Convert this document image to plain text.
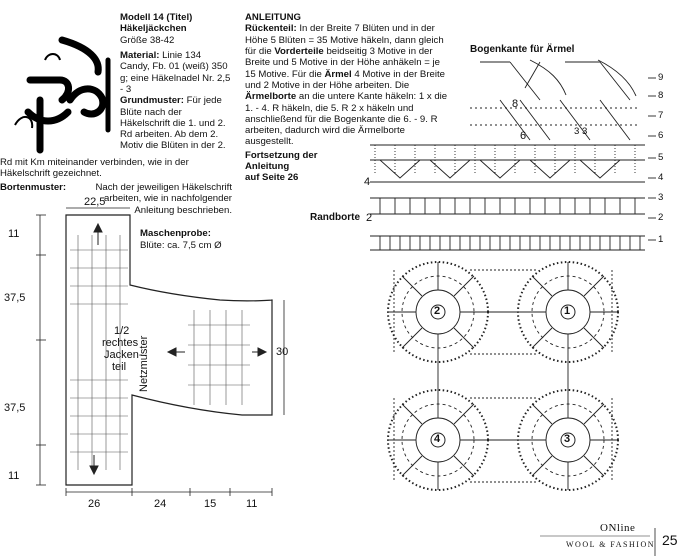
Modell 14 (Titel)

Häkeljäckchen

Größe 38-42

Material: Linie 134 Candy, Fb. 01 (weiß) 350 g; eine Häkelnadel Nr. 2,5 - 3

Grundmuster: Für jede Blüte nach der Häkelschrift die 1. und 2. Rd arbeiten. Ab dem 2. Motiv die Blüten in der 2.

Rd mit Km miteinander verbinden, wie in der Häkelschrift gezeichnet.
Bortenmuster:	Nach der jeweiligen Häkelschrift arbeiten, wie in nachfolgender Anleitung beschrieben.
Maschenprobe:
Blüte: ca. 7,5 cm Ø

ANLEITUNG

Rückenteil: In der Breite 7 Blüten und in der Höhe 5 Blüten = 35 Motive häkeln, dann gleich für die Vorderteile beidseitig 3 Motive in der Breite und 5 Motive in der Höhe anhäkeln = je 15 Motive. Für die Ärmel 4 Motive in der Breite und 2 Motive in der Höhe arbeiten. Die Ärmelborte an die untere Kante häkeln: 1 x die 1. - 4. R häkeln, die 5. R 2 x häkeln und anschließend für die Bogenkante die 6. - 9. R arbeiten, dadurch wird die Ärmelborte ausgestellt.

Fortsetzung der
Anleitung
auf Seite 26
22,5
11
37,5
37,5
11
30
1/2
rechtes
Jacken-
teil Netzmuster
26	24	15	11
Bogenkante für Ärmel
Randborte
9
8
7
6
5
4
3
2
1
8
6	3 3
4
2
2	1
4	3
ONline
WOOL & FASHION 25
